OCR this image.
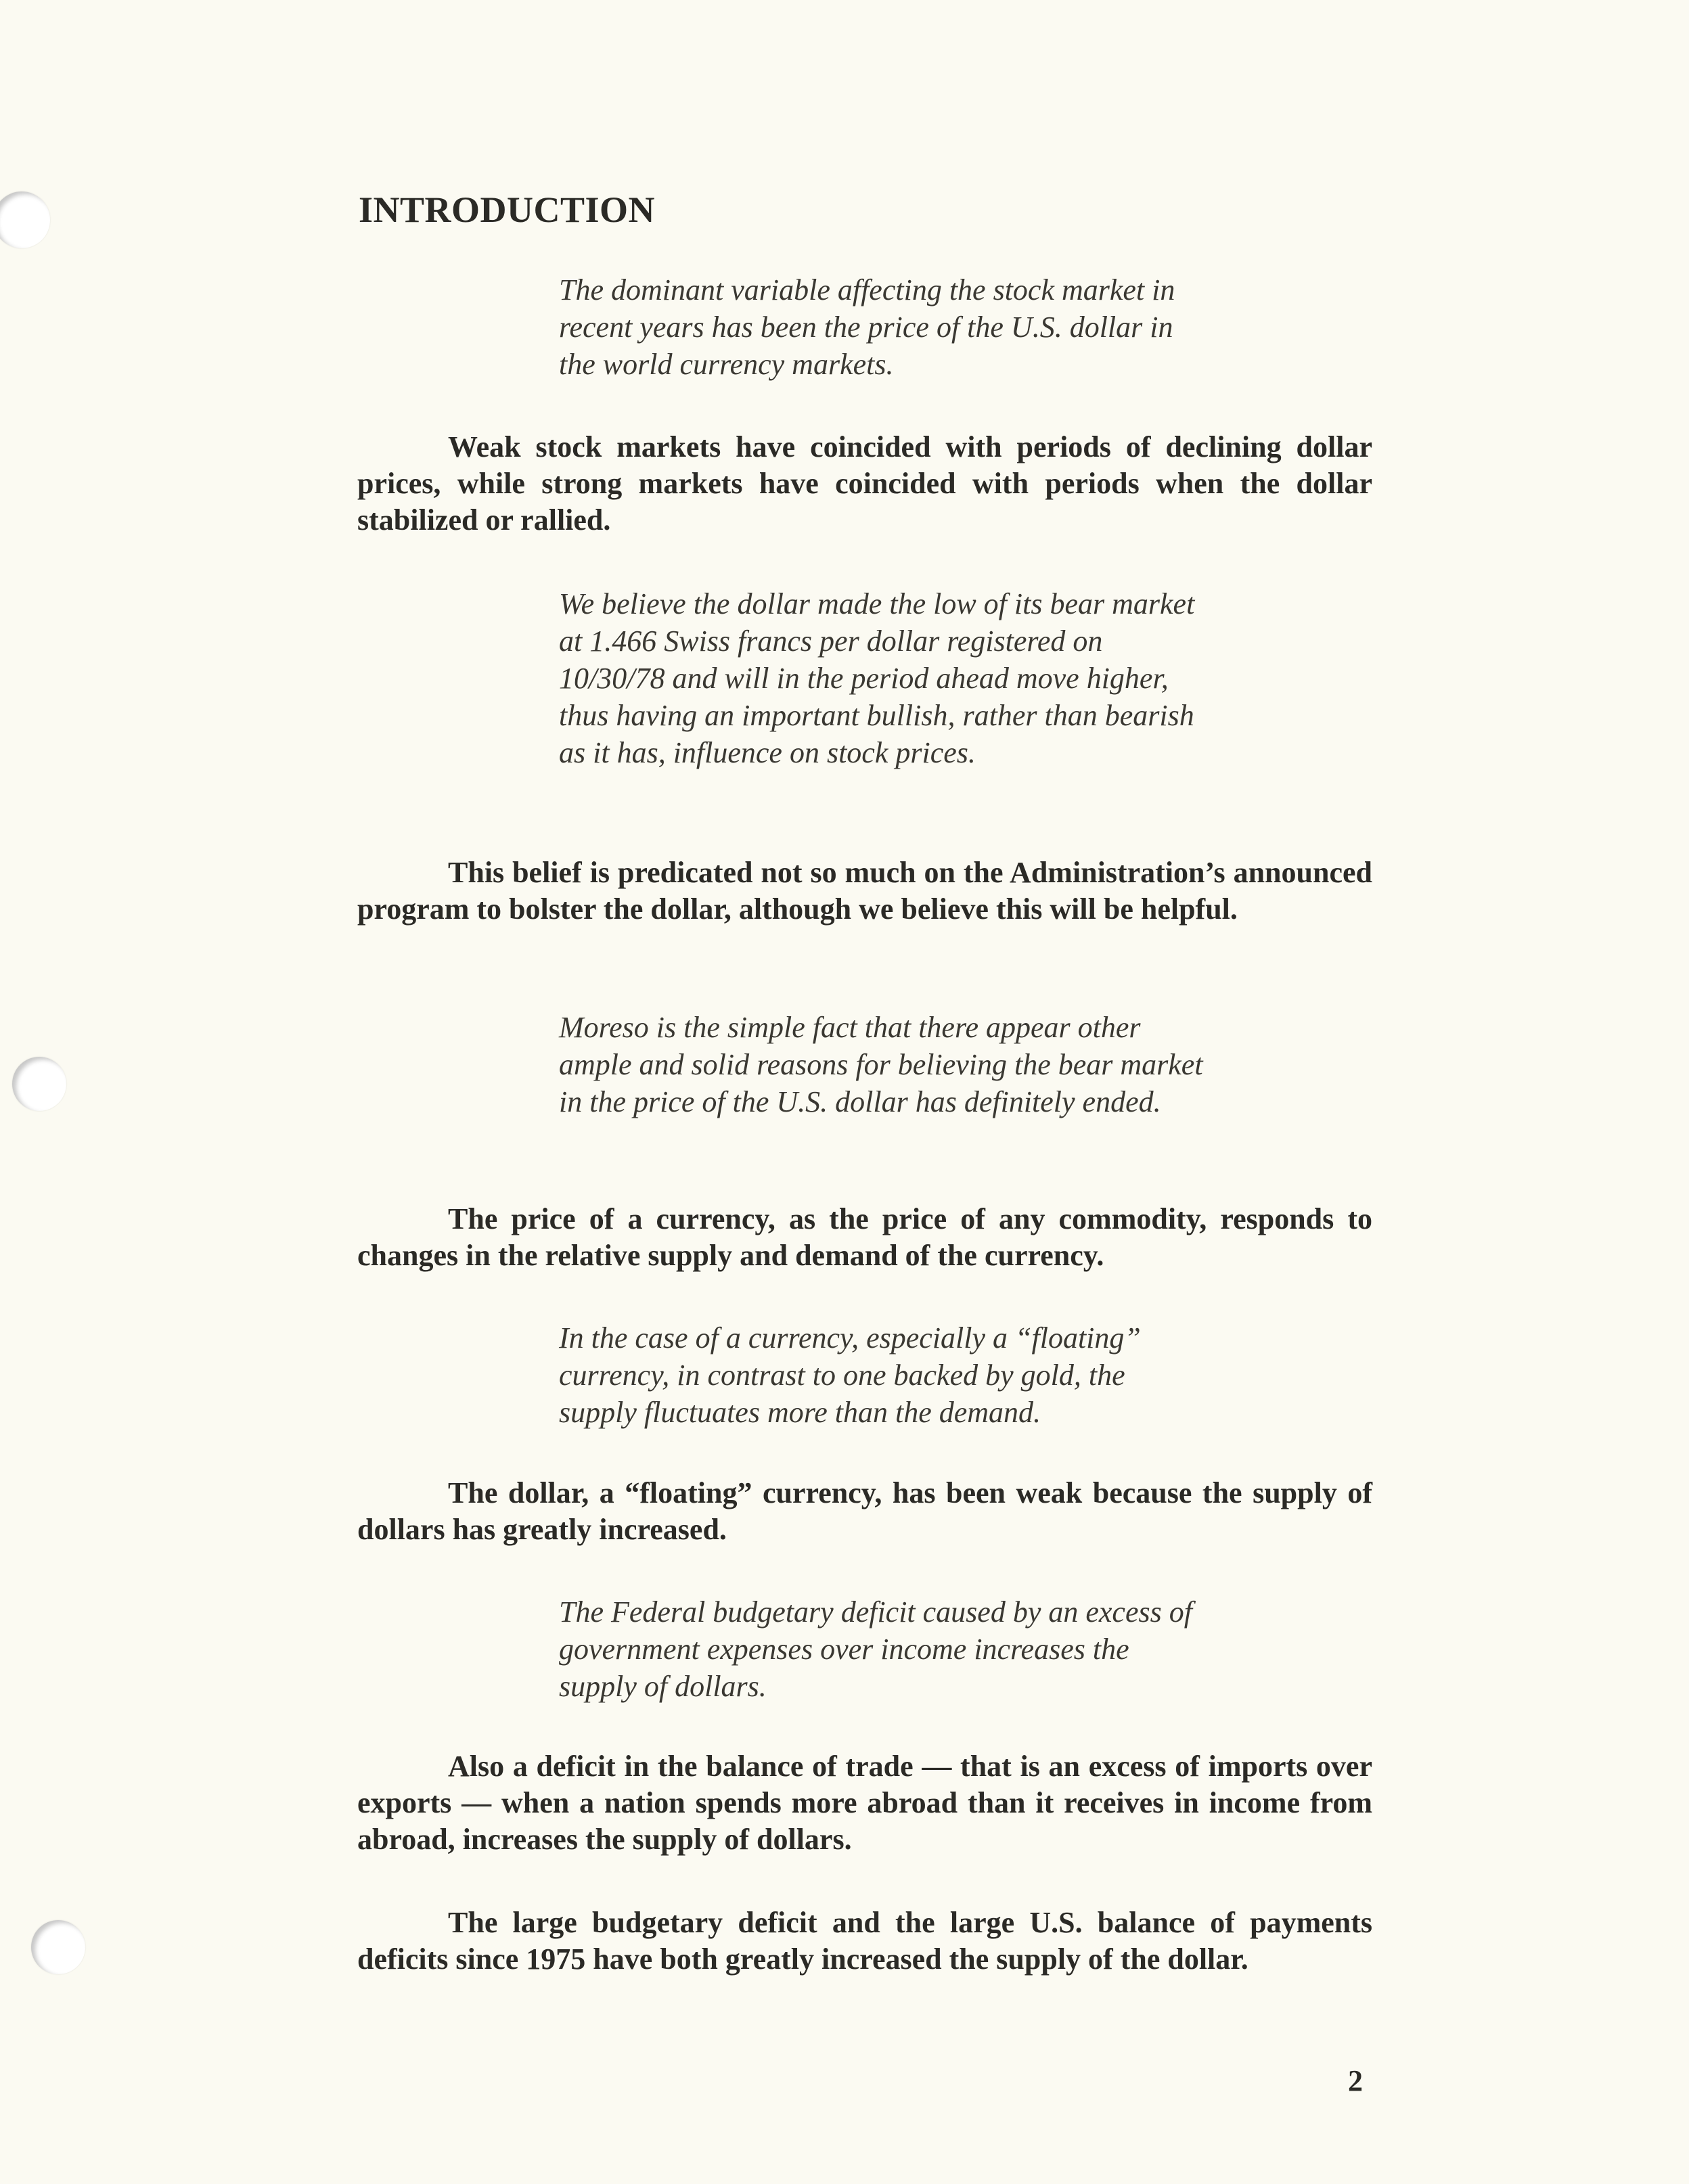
INTRODUCTION

The dominant variable affecting the stock market in recent years has been the price of the U.S. dollar in the world currency markets.

Weak stock markets have coincided with periods of declining dollar prices, while strong markets have coincided with periods when the dollar stabilized or rallied.

We believe the dollar made the low of its bear market at 1.466 Swiss francs per dollar registered on 10/30/78 and will in the period ahead move higher, thus having an important bullish, rather than bearish as it has, influence on stock prices.

This belief is predicated not so much on the Administration’s announced program to bolster the dollar, although we believe this will be helpful.

Moreso is the simple fact that there appear other ample and solid reasons for believing the bear market in the price of the U.S. dollar has definitely ended.

The price of a currency, as the price of any commodity, responds to changes in the relative supply and demand of the currency.

In the case of a currency, especially a “floating” currency, in contrast to one backed by gold, the supply fluctuates more than the demand.

The dollar, a “floating” currency, has been weak because the supply of dollars has greatly increased.

The Federal budgetary deficit caused by an excess of government expenses over income increases the supply of dollars.

Also a deficit in the balance of trade — that is an excess of imports over exports — when a nation spends more abroad than it receives in income from abroad, increases the supply of dollars.

The large budgetary deficit and the large U.S. balance of payments deficits since 1975 have both greatly increased the supply of the dollar.

2
